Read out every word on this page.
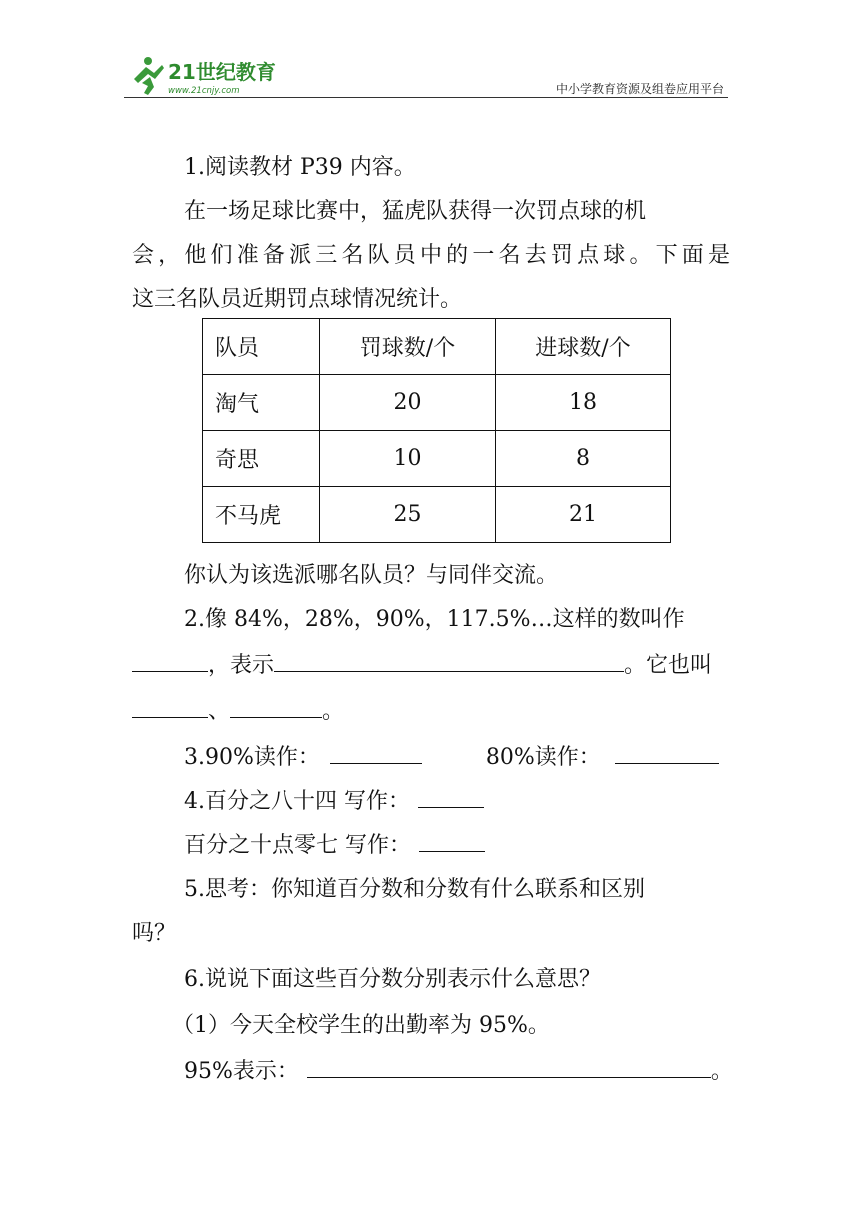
21世纪教育
www.21cnjy.com	中小学教育资源及组卷应用平台
1.阅读教材 P39 内容。
在一场足球比赛中，猛虎队获得一次罚点球的机
会，他们准备派三名队员中的一名去罚点球。下面是
这三名队员近期罚点球情况统计。
队员	罚球数/个	进球数/个
淘气	20	18
奇思	10	8
不马虎	25	21
你认为该选派哪名队员？与同伴交流。
2.像 84%，28%，90%，117.5%…这样的数叫作
，表示	。它也叫
、	。
3.90%读作：	80%读作：
4.百分之八十四 写作：
百分之十点零七 写作：
5.思考：你知道百分数和分数有什么联系和区别
吗？
6.说说下面这些百分数分别表示什么意思？
（1）今天全校学生的出勤率为 95%。
95%表示：	。
